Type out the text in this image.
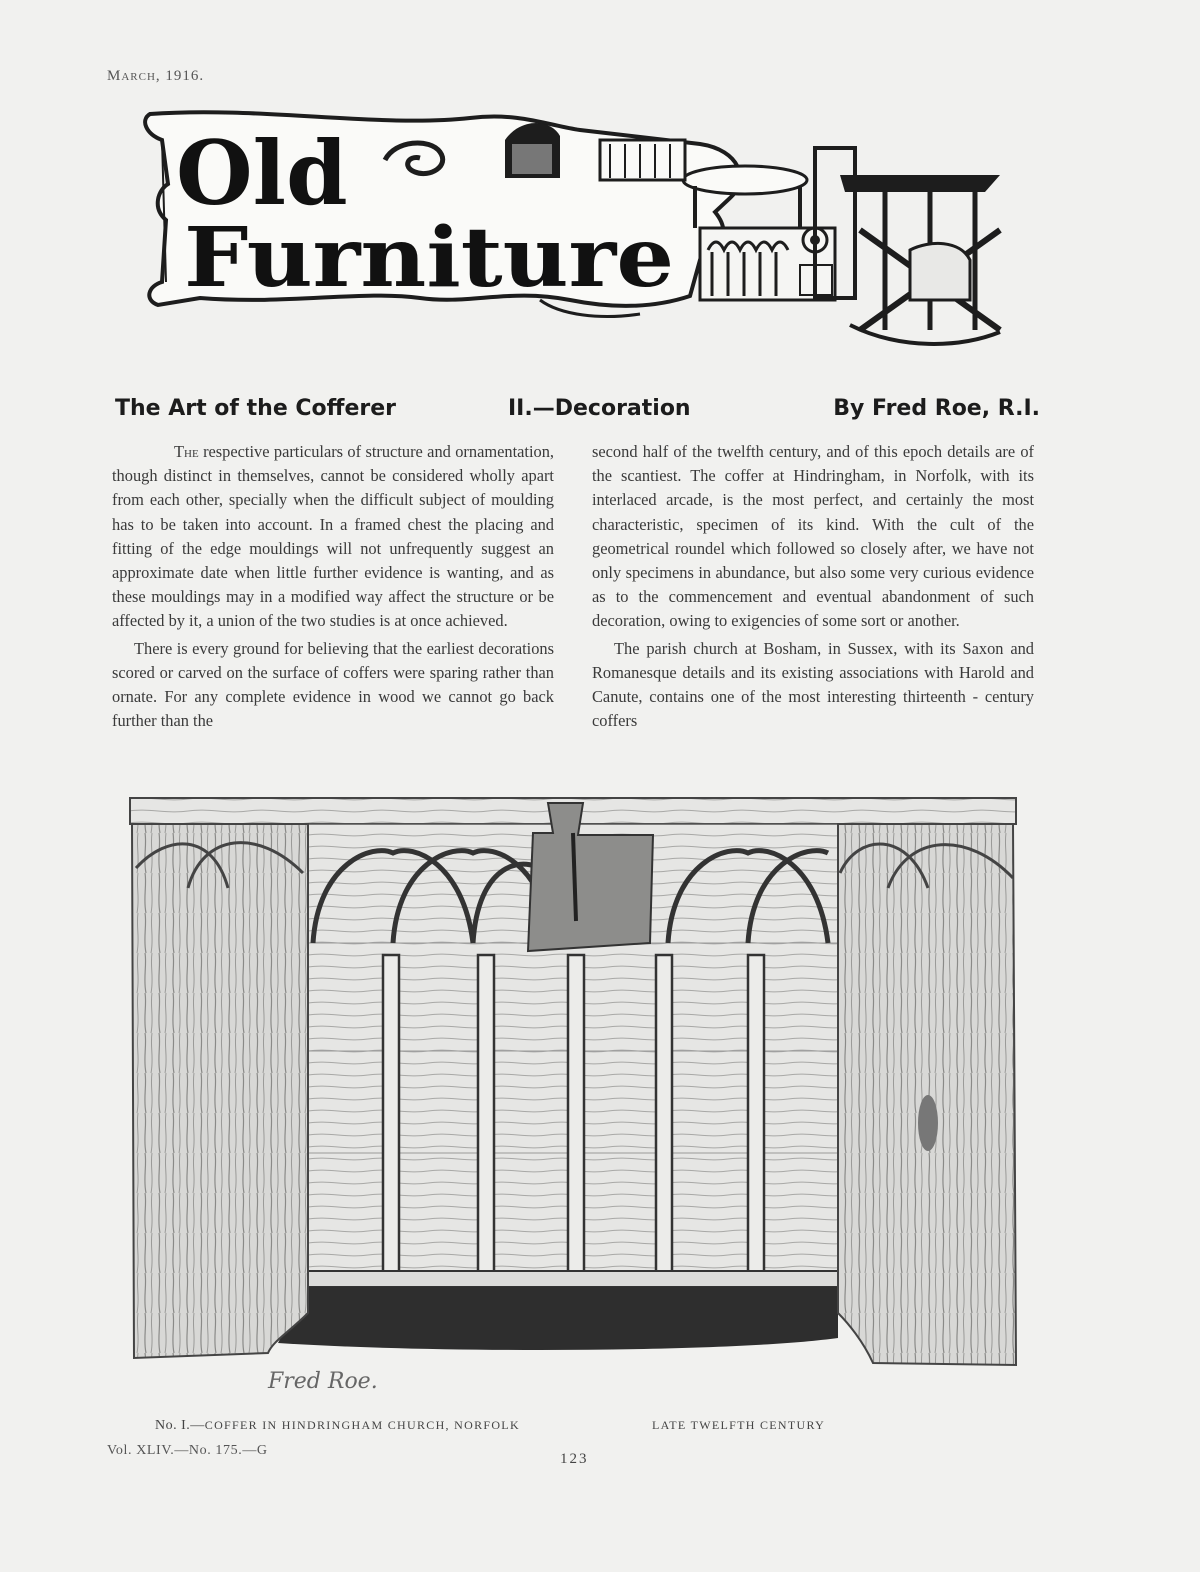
March, 1916.
Old
Furniture
The Art of the Cofferer	II.—Decoration	By Fred Roe, R.I.

The respective particulars of structure and ornamentation, though distinct in themselves, cannot be considered wholly apart from each other, specially when the difficult subject of moulding has to be taken into account. In a framed chest the placing and fitting of the edge mouldings will not unfrequently suggest an approximate date when little further evidence is wanting, and as these mouldings may in a modified way affect the structure or be affected by it, a union of the two studies is at once achieved.

There is every ground for believing that the earliest decorations scored or carved on the surface of coffers were sparing rather than ornate. For any complete evidence in wood we cannot go back further than the

second half of the twelfth century, and of this epoch details are of the scantiest. The coffer at Hindringham, in Norfolk, with its interlaced arcade, is the most perfect, and certainly the most characteristic, specimen of its kind. With the cult of the geometrical roundel which followed so closely after, we have not only specimens in abundance, but also some very curious evidence as to the commencement and eventual abandonment of such decoration, owing to exigencies of some sort or another.

The parish church at Bosham, in Sussex, with its Saxon and Romanesque details and its existing associations with Harold and Canute, contains one of the most interesting thirteenth - century coffers

Fred Roe.
No. I.—COFFER IN HINDRINGHAM CHURCH, NORFOLK	LATE TWELFTH CENTURY
Vol. XLIV.—No. 175.—G
123
